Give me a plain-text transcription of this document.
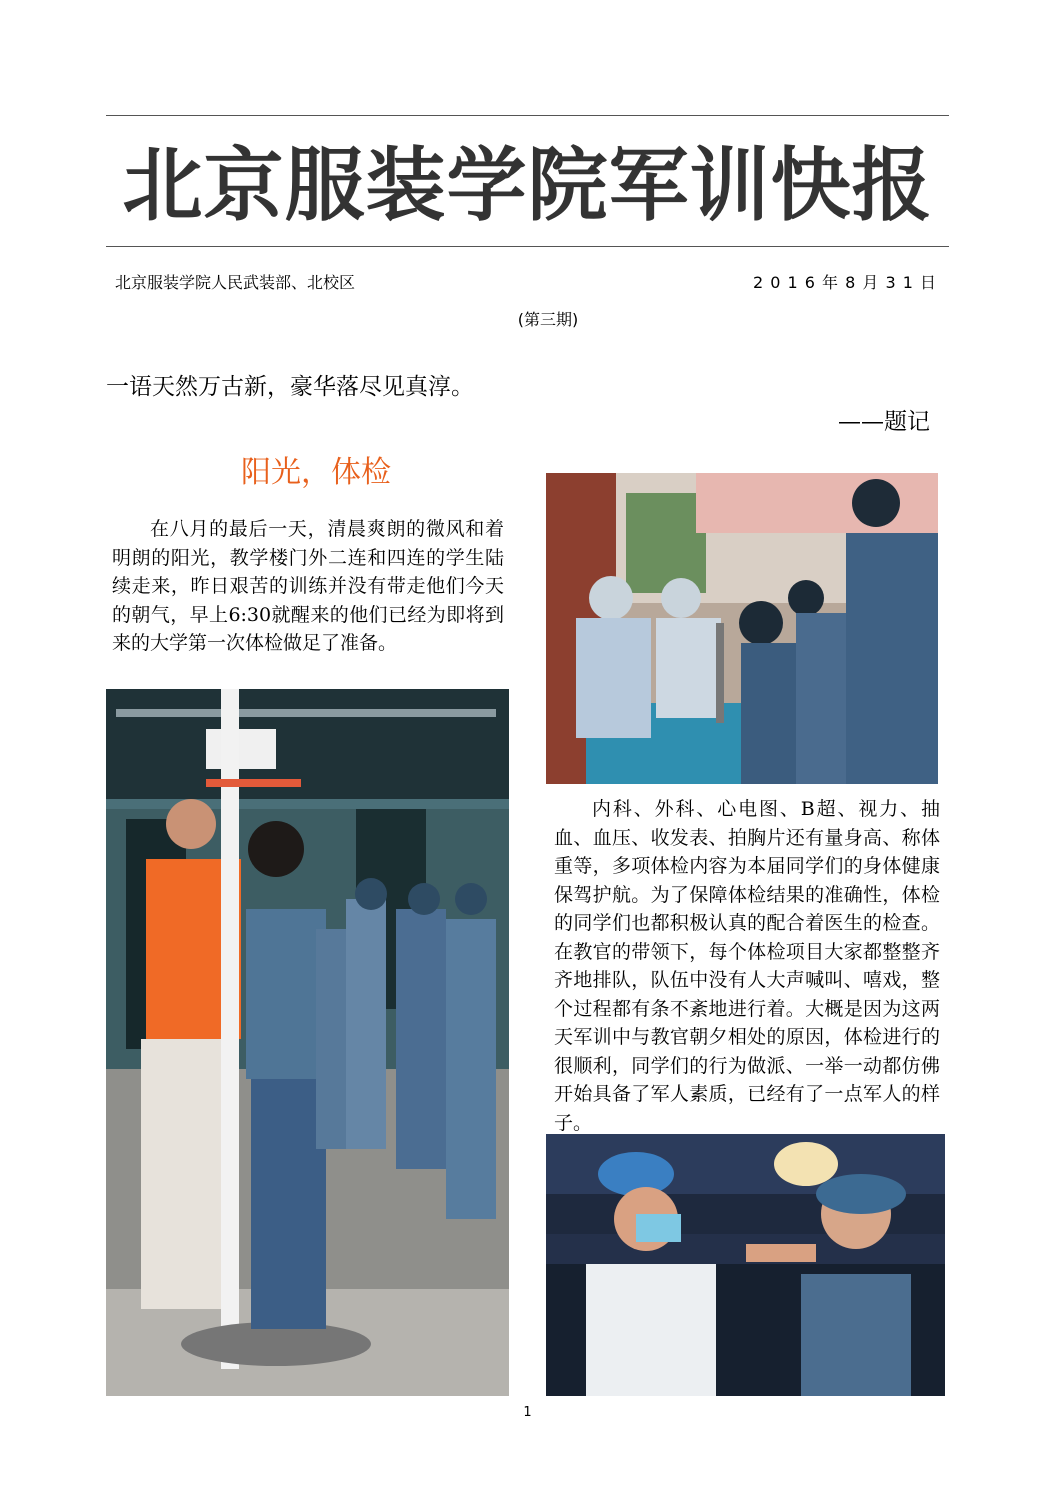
北京服装学院军训快报
北京服装学院人民武装部、北校区	2 0 1 6 年 8 月 3 1 日
(第三期)
一语天然万古新，豪华落尽见真淳。
——题记
阳光，体检
在八月的最后一天，清晨爽朗的微风和着明朗的阳光，教学楼门外二连和四连的学生陆续走来，昨日艰苦的训练并没有带走他们今天的朝气，早上6:30就醒来的他们已经为即将到来的大学第一次体检做足了准备。
内科、外科、心电图、B超、视力、抽血、血压、收发表、拍胸片还有量身高、称体重等，多项体检内容为本届同学们的身体健康保驾护航。为了保障体检结果的准确性，体检的同学们也都积极认真的配合着医生的检查。在教官的带领下，每个体检项目大家都整整齐齐地排队，队伍中没有人大声喊叫、嘻戏，整个过程都有条不紊地进行着。大概是因为这两天军训中与教官朝夕相处的原因，体检进行的很顺利，同学们的行为做派、一举一动都仿佛开始具备了军人素质，已经有了一点军人的样子。
1
